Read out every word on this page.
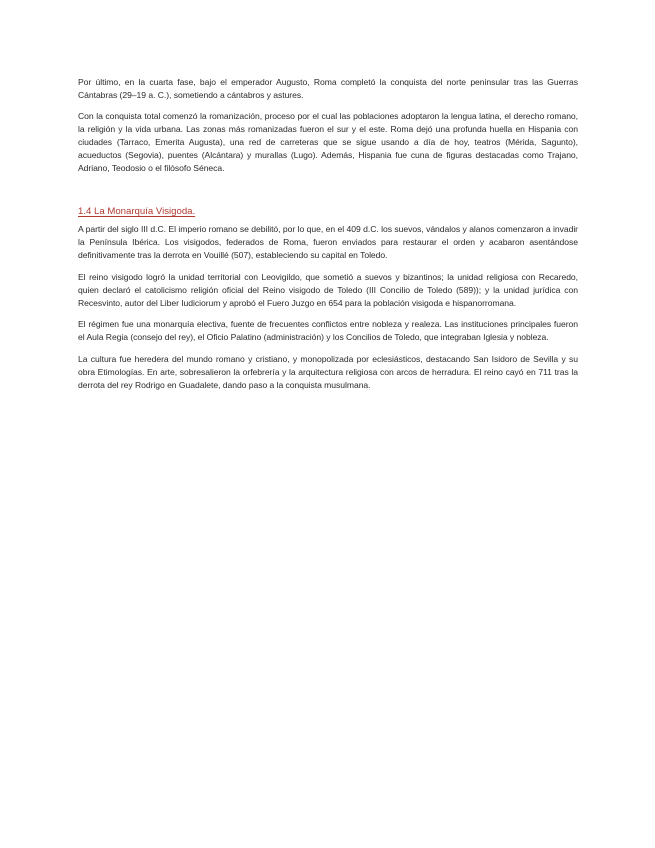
Por último, en la cuarta fase, bajo el emperador Augusto, Roma completó la conquista del norte peninsular tras las Guerras Cántabras (29–19 a. C.), sometiendo a cántabros y astures.

Con la conquista total comenzó la romanización, proceso por el cual las poblaciones adoptaron la lengua latina, el derecho romano, la religión y la vida urbana. Las zonas más romanizadas fueron el sur y el este. Roma dejó una profunda huella en Hispania con ciudades (Tarraco, Emerita Augusta), una red de carreteras que se sigue usando a día de hoy, teatros (Mérida, Sagunto), acueductos (Segovia), puentes (Alcántara) y murallas (Lugo). Además, Hispania fue cuna de figuras destacadas como Trajano, Adriano, Teodosio o el filósofo Séneca.

1.4 La Monarquía Visigoda.

A partir del siglo III d.C. El imperio romano se debilitó, por lo que, en el 409 d.C. los suevos, vándalos y alanos comenzaron a invadir la Península Ibérica. Los visigodos, federados de Roma, fueron enviados para restaurar el orden y acabaron asentándose definitivamente tras la derrota en Vouillé (507), estableciendo su capital en Toledo.

El reino visigodo logró la unidad territorial con Leovigildo, que sometió a suevos y bizantinos; la unidad religiosa con Recaredo, quien declaró el catolicismo religión oficial del Reino visigodo de Toledo (III Concilio de Toledo (589)); y la unidad jurídica con Recesvinto, autor del Liber Iudiciorum y aprobó el Fuero Juzgo en 654 para la población visigoda e hispanorromana.

El régimen fue una monarquía electiva, fuente de frecuentes conflictos entre nobleza y realeza. Las instituciones principales fueron el Aula Regia (consejo del rey), el Oficio Palatino (administración) y los Concilios de Toledo, que integraban Iglesia y nobleza.

La cultura fue heredera del mundo romano y cristiano, y monopolizada por eclesiásticos, destacando San Isidoro de Sevilla y su obra Etimologías. En arte, sobresalieron la orfebrería y la arquitectura religiosa con arcos de herradura. El reino cayó en 711 tras la derrota del rey Rodrigo en Guadalete, dando paso a la conquista musulmana.
